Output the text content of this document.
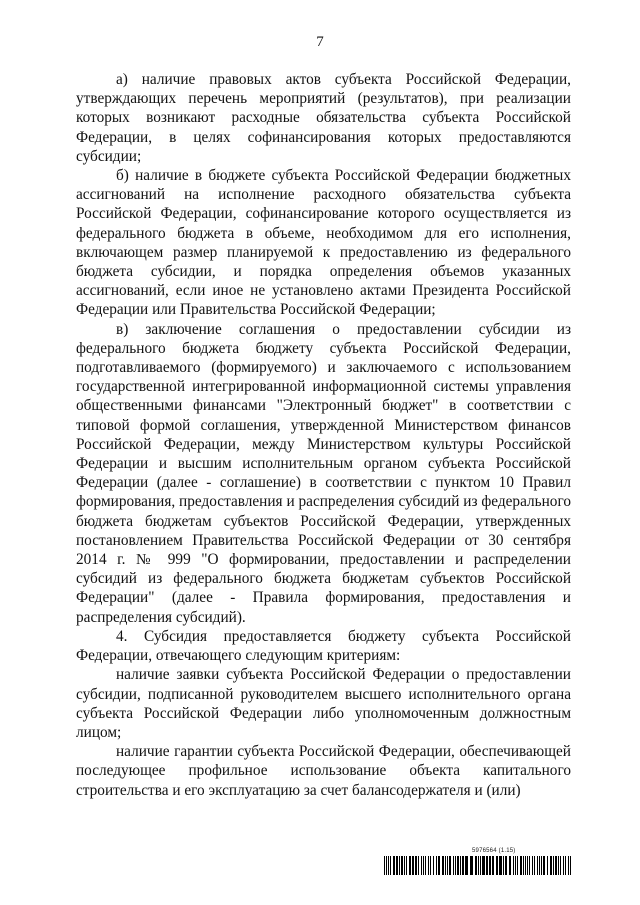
7

а) наличие правовых актов субъекта Российской Федерации, утверждающих перечень мероприятий (результатов), при реализации которых возникают расходные обязательства субъекта Российской Федерации, в целях софинансирования которых предоставляются субсидии;

б) наличие в бюджете субъекта Российской Федерации бюджетных ассигнований на исполнение расходного обязательства субъекта Российской Федерации, софинансирование которого осуществляется из федерального бюджета в объеме, необходимом для его исполнения, включающем размер планируемой к предоставлению из федерального бюджета субсидии, и порядка определения объемов указанных ассигнований, если иное не установлено актами Президента Российской Федерации или Правительства Российской Федерации;

в) заключение соглашения о предоставлении субсидии из федерального бюджета бюджету субъекта Российской Федерации, подготавливаемого (формируемого) и заключаемого с использованием государственной интегрированной информационной системы управления общественными финансами "Электронный бюджет" в соответствии с типовой формой соглашения, утвержденной Министерством финансов Российской Федерации, между Министерством культуры Российской Федерации и высшим исполнительным органом субъекта Российской Федерации (далее - соглашение) в соответствии с пунктом 10 Правил формирования, предоставления и распределения субсидий из федерального бюджета бюджетам субъектов Российской Федерации, утвержденных постановлением Правительства Российской Федерации от 30 сентября 2014 г. № 999 "О формировании, предоставлении и распределении субсидий из федерального бюджета бюджетам субъектов Российской Федерации" (далее - Правила формирования, предоставления и распределения субсидий).

4. Субсидия предоставляется бюджету субъекта Российской Федерации, отвечающего следующим критериям:

наличие заявки субъекта Российской Федерации о предоставлении субсидии, подписанной руководителем высшего исполнительного органа субъекта Российской Федерации либо уполномоченным должностным лицом;

наличие гарантии субъекта Российской Федерации, обеспечивающей последующее профильное использование объекта капитального строительства и его эксплуатацию за счет балансодержателя и (или)

5976564 (1.15)
